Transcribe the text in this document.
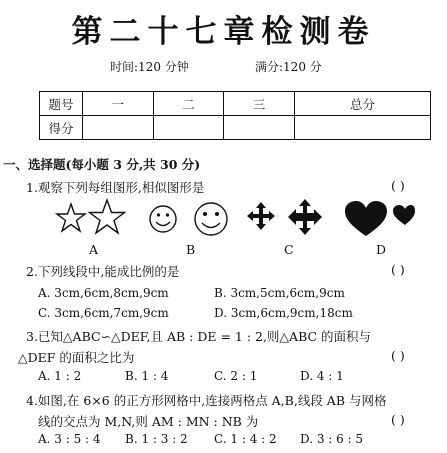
第二十七章检测卷
时间:120 分钟	满分:120 分
题号	一	二	三	总分
得分				
一、选择题(每小题 3 分,共 30 分)
1.观察下列每组图形,相似图形是	( )
A	B	C	D
2.下列线段中,能成比例的是	( )
A. 3cm,6cm,8cm,9cm	B. 3cm,5cm,6cm,9cm
C. 3cm,6cm,7cm,9cm	D. 3cm,6cm,9cm,18cm
3.已知△ABC∽△DEF,且 AB : DE = 1 : 2,则△ABC 的面积与
△DEF 的面积之比为	( )
A. 1 : 2	B. 1 : 4	C. 2 : 1	D. 4 : 1
4.如图,在 6×6 的正方形网格中,连接两格点 A,B,线段 AB 与网格
线的交点为 M,N,则 AM : MN : NB 为	( )
A. 3 : 5 : 4 B. 1 : 3 : 2 C. 1 : 4 : 2 D. 3 : 6 : 5
